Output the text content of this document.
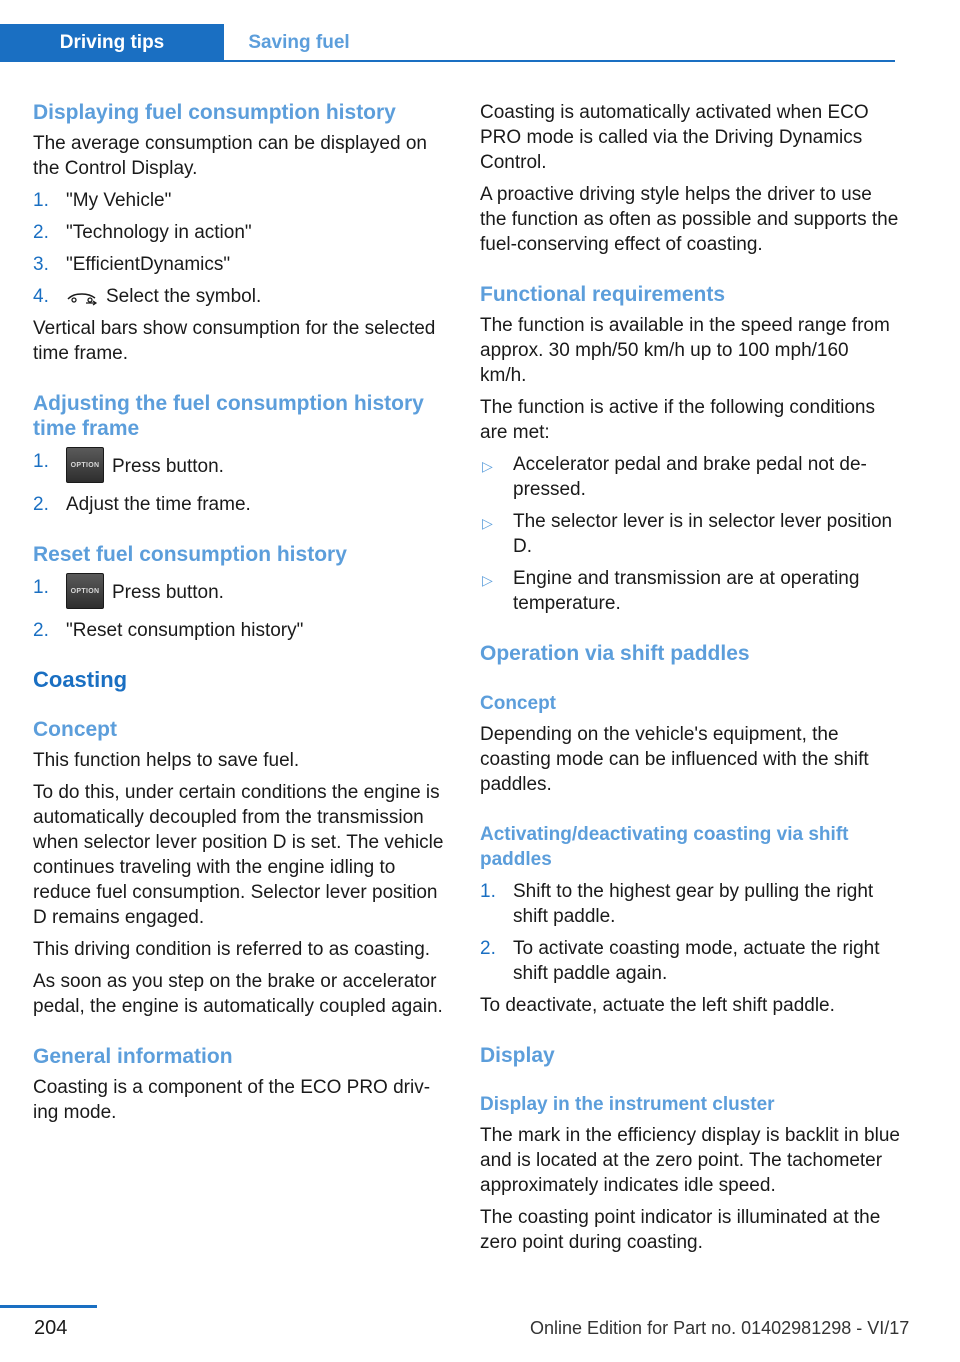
Driving tips	Saving fuel
Displaying fuel consumption history
The average consumption can be displayed on the Control Display.
1. "My Vehicle"
2. "Technology in action"
3. "EfficientDynamics"
4.	Select the symbol.
Vertical bars show consumption for the selected time frame.
Adjusting the fuel consumption history time frame
1.	OPTION Press button.
2. Adjust the time frame.
Reset fuel consumption history
1.	OPTION Press button.
2. "Reset consumption history"
Coasting
Concept
This function helps to save fuel.
To do this, under certain conditions the engine is automatically decoupled from the transmission when selector lever position D is set. The vehicle continues traveling with the engine idling to reduce fuel consumption. Selector lever position D remains engaged.
This driving condition is referred to as coasting.
As soon as you step on the brake or accelerator pedal, the engine is automatically coupled again.
General information
Coasting is a component of the ECO PRO driving mode.
Coasting is automatically activated when ECO PRO mode is called via the Driving Dynamics Control.
A proactive driving style helps the driver to use the function as often as possible and supports the fuel-conserving effect of coasting.
Functional requirements
The function is available in the speed range from approx. 30 mph/50 km/h up to 100 mph/160 km/h.
The function is active if the following conditions are met:
▷ Accelerator pedal and brake pedal not depressed.
▷ The selector lever is in selector lever position D.
▷ Engine and transmission are at operating temperature.
Operation via shift paddles
Concept
Depending on the vehicle's equipment, the coasting mode can be influenced with the shift paddles.
Activating/deactivating coasting via shift paddles
1. Shift to the highest gear by pulling the right shift paddle.
2. To activate coasting mode, actuate the right shift paddle again.
To deactivate, actuate the left shift paddle.
Display
Display in the instrument cluster
The mark in the efficiency display is backlit in blue and is located at the zero point. The tachometer approximately indicates idle speed.
The coasting point indicator is illuminated at the zero point during coasting.
204	Online Edition for Part no. 01402981298 - VI/17
